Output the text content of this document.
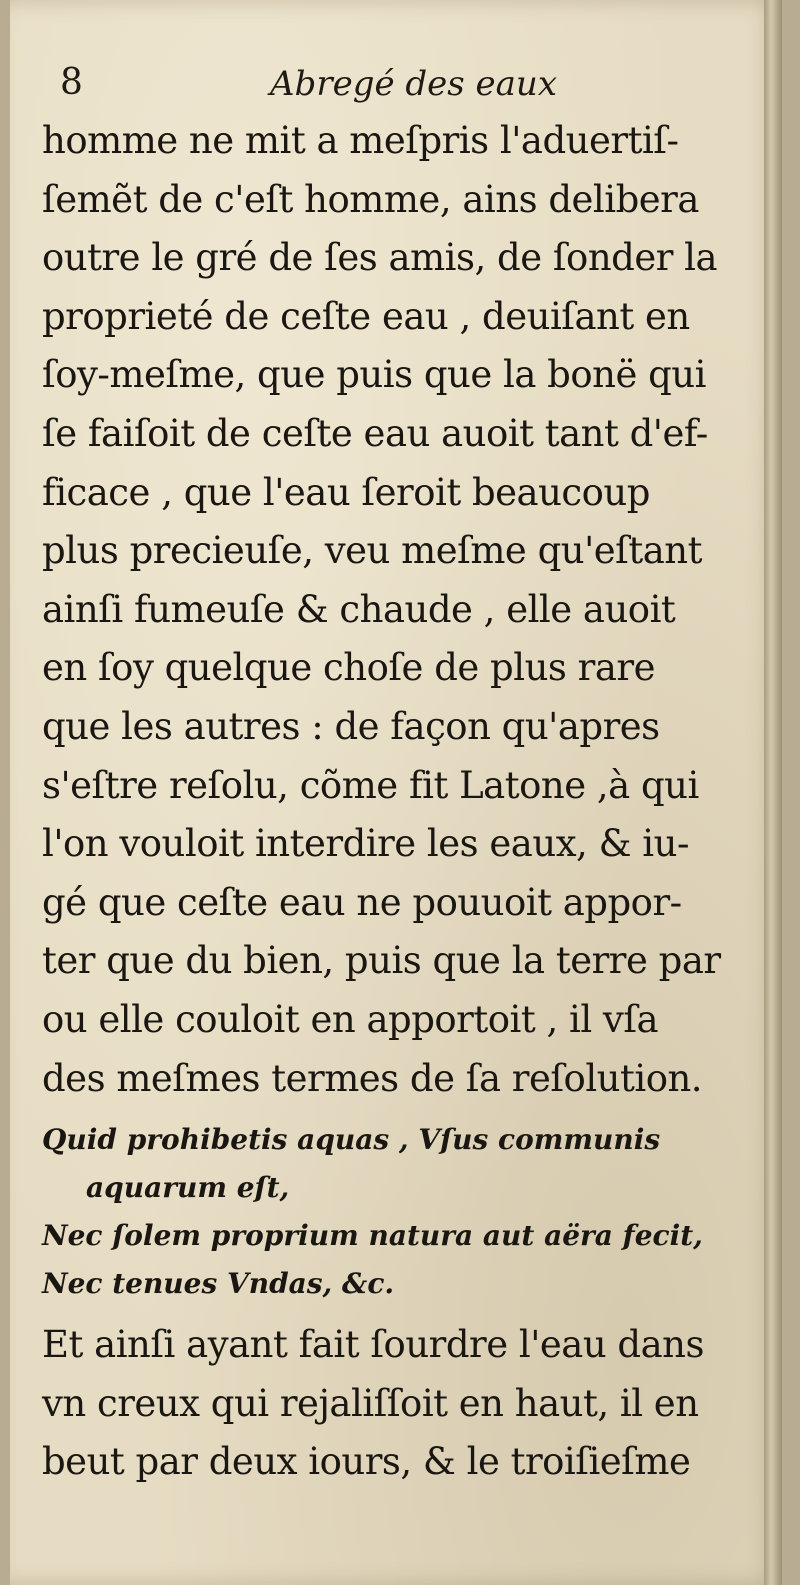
8	Abregé des eaux
homme ne mit a meſpris l'aduertiſ-
ſemẽt de c'eſt homme, ains delibera
outre le gré de ſes amis, de ſonder la
proprieté de ceſte eau , deuiſant en
ſoy-meſme, que puis que la bonë qui
ſe faiſoit de ceſte eau auoit tant d'ef-
ficace , que l'eau ſeroit beaucoup
plus precieuſe, veu meſme qu'eſtant
ainſi fumeuſe & chaude , elle auoit
en ſoy quelque choſe de plus rare
que les autres : de façon qu'apres
s'eſtre reſolu, cõme fit Latone ,à qui
l'on vouloit interdire les eaux, & iu-
gé que ceſte eau ne pouuoit appor-
ter que du bien, puis que la terre par
ou elle couloit en apportoit , il vſa
des meſmes termes de ſa reſolution.
Quid prohibetis aquas , Vſus communis
aquarum eſt,
Nec ſolem proprium natura aut aëra fecit,
Nec tenues Vndas, &c.
Et ainſi ayant fait ſourdre l'eau dans
vn creux qui rejaliſſoit en haut, il en
beut par deux iours, & le troiſieſme
